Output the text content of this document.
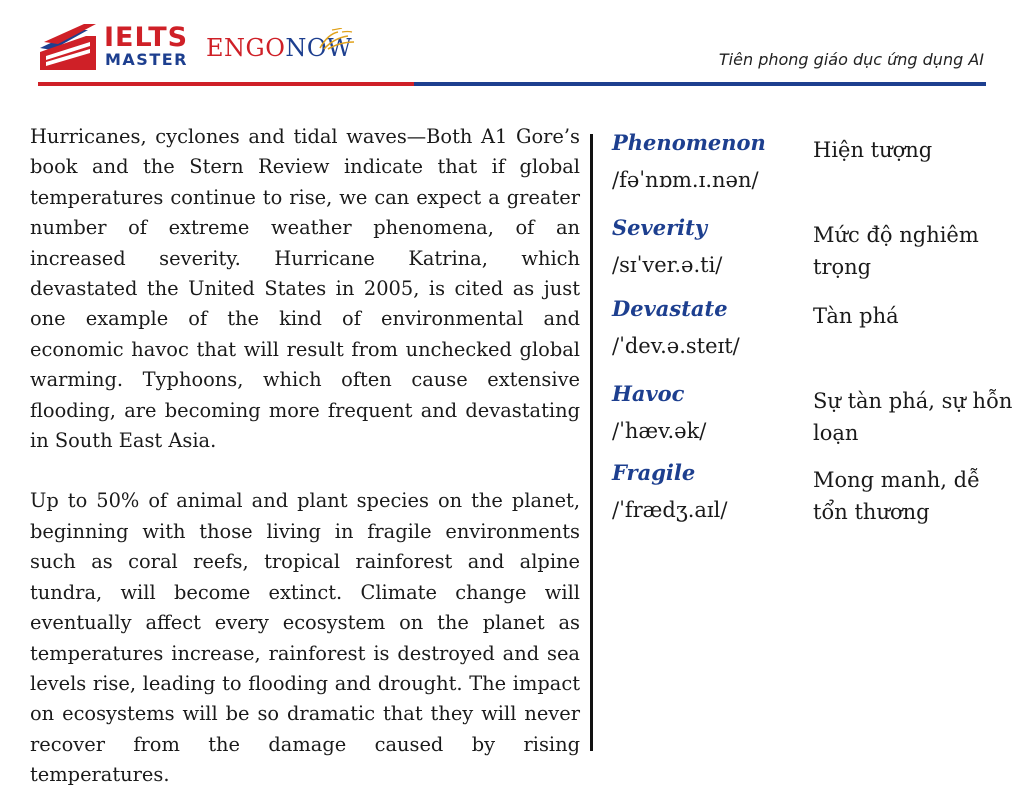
IELTS
MASTER ENGONOW	Tiên phong giáo dục ứng dụng AI

Hurricanes, cyclones and tidal waves—Both A1 Gore’s book and the Stern Review indicate that if global temperatures continue to rise, we can expect a greater number of extreme weather phenomena, of an increased severity. Hurricane Katrina, which devastated the United States in 2005, is cited as just one example of the kind of environmental and economic havoc that will result from unchecked global warming. Typhoons, which often cause extensive flooding, are becoming more frequent and devastating in South East Asia.

Up to 50% of animal and plant species on the planet, beginning with those living in fragile environments such as coral reefs, tropical rainforest and alpine tundra, will become extinct. Climate change will eventually affect every ecosystem on the planet as temperatures increase, rainforest is destroyed and sea levels rise, leading to flooding and drought. The impact on ecosystems will be so dramatic that they will never recover from the damage caused by rising temperatures.

Phenomenon
/fəˈnɒm.ɪ.nən/
Hiện tượng
Severity
/sɪˈver.ə.ti/
Mức độ nghiêm trọng
Devastate
/ˈdev.ə.steɪt/
Tàn phá
Havoc
/ˈhæv.ək/
Sự tàn phá, sự hỗn loạn
Fragile
/ˈfrædʒ.aɪl/
Mong manh, dễ tổn thương
